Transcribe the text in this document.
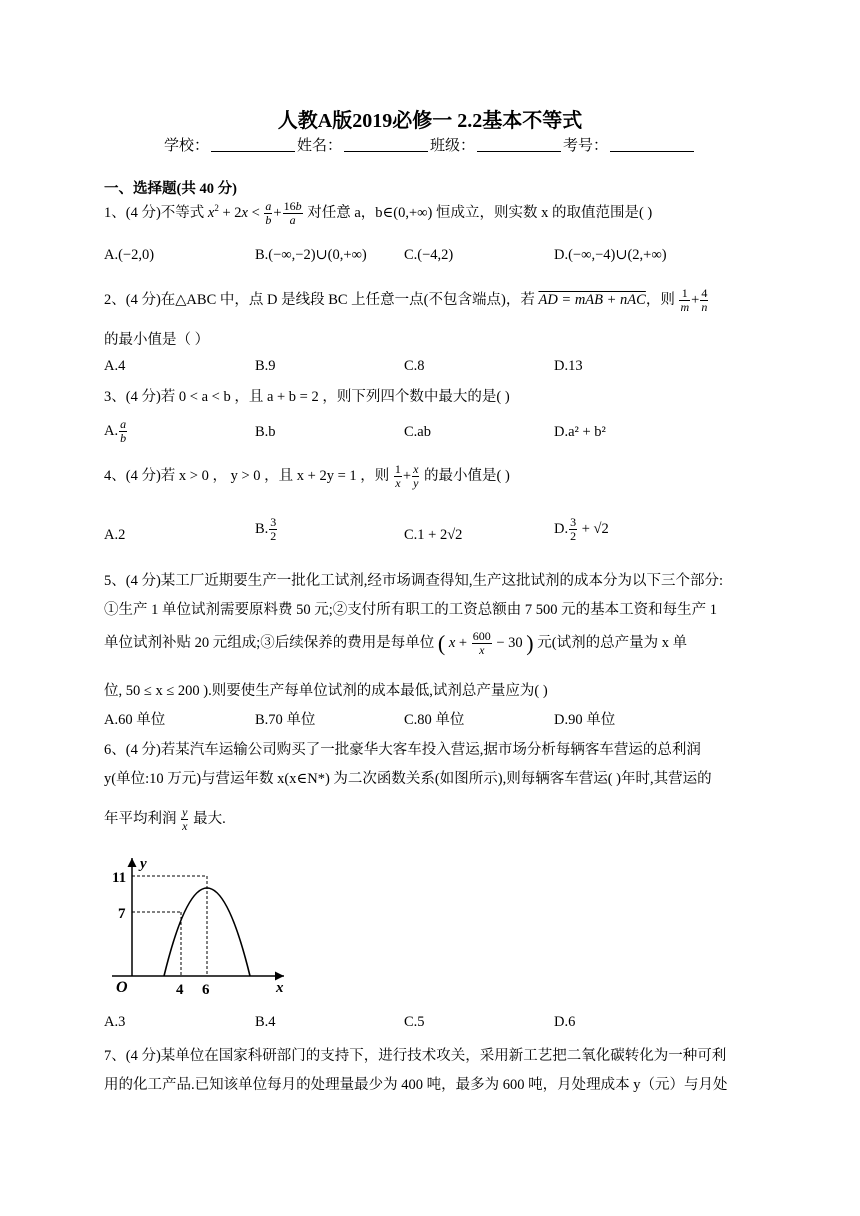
人教A版2019必修一 2.2基本不等式
学校：	姓名：	班级：	考号：
一、选择题(共 40 分)
1、(4 分)不等式 $x^2 + 2x < \frac{a}{b} + \frac{16b}{a}$ 对任意 a，b∈(0,+∞) 恒成立，则实数 x 的取值范围是( )
A.(−2,0)	B.(−∞,−2)∪(0,+∞)	C.(−4,2)	D.(−∞,−4)∪(2,+∞)
2、(4 分)在△ABC 中，点 D 是线段 BC 上任意一点(不包含端点)，若 AD = mAB + nAC，则 $\frac{1}{m} + \frac{4}{n}$
的最小值是（ ）
A.4	B.9	C.8	D.13
3、(4 分)若 0 < a < b ，且 a + b = 2 ，则下列四个数中最大的是( )
A. $\frac{a}{b}$	B.b	C.ab	D.a² + b²
4、(4 分)若 x > 0 ， y > 0 ，且 x + 2y = 1 ，则 $\frac{1}{x} + \frac{x}{y}$ 的最小值是( )
A.2	B. $\frac{3}{2}$	C.1 + 2√2	D. $\frac{3}{2} + √2$
5、(4 分)某工厂近期要生产一批化工试剂,经市场调查得知,生产这批试剂的成本分为以下三个部分:
①生产 1 单位试剂需要原料费 50 元;②支付所有职工的工资总额由 7 500 元的基本工资和每生产 1
单位试剂补贴 20 元组成;③后续保养的费用是每单位 ( $x + \frac{600}{x} - 30$ ) 元(试剂的总产量为 x 单
位, 50 ≤ x ≤ 200 ).则要使生产每单位试剂的成本最低,试剂总产量应为( )
A.60 单位	B.70 单位	C.80 单位	D.90 单位
6、(4 分)若某汽车运输公司购买了一批豪华大客车投入营运,据市场分析每辆客车营运的总利润
y(单位:10 万元)与营运年数 x(x∈N*) 为二次函数关系(如图所示),则每辆客车营运( )年时,其营运的
年平均利润 $\frac{y}{x}$ 最大.
y
x
O
11
7
4 6
A.3	B.4	C.5	D.6
7、(4 分)某单位在国家科研部门的支持下，进行技术攻关，采用新工艺把二氧化碳转化为一种可利
用的化工产品.已知该单位每月的处理量最少为 400 吨，最多为 600 吨，月处理成本 y（元）与月处
